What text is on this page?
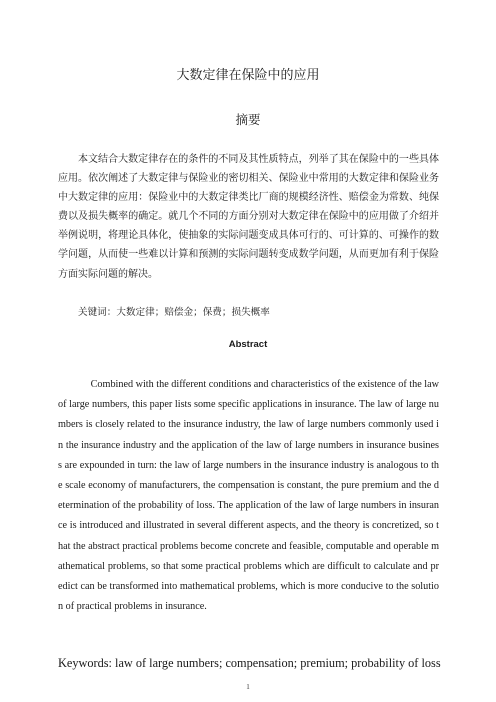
大数定律在保险中的应用
摘要

本文结合大数定律存在的条件的不同及其性质特点，列举了其在保险中的一些具体应用。依次阐述了大数定律与保险业的密切相关、保险业中常用的大数定律和保险业务中大数定律的应用：保险业中的大数定律类比厂商的规模经济性、赔偿金为常数、纯保费以及损失概率的确定。就几个不同的方面分别对大数定律在保险中的应用做了介绍并举例说明，将理论具体化，使抽象的实际问题变成具体可行的、可计算的、可操作的数学问题，从而使一些难以计算和预测的实际问题转变成数学问题，从而更加有利于保险方面实际问题的解决。

关键词：大数定律；赔偿金；保费；损失概率

Abstract

Combined with the different conditions and characteristics of the existence of the law of large numbers, this paper lists some specific applications in insurance. The law of large numbers is closely related to the insurance industry, the law of large numbers commonly used in the insurance industry and the application of the law of large numbers in insurance business are expounded in turn: the law of large numbers in the insurance industry is analogous to the scale economy of manufacturers, the compensation is constant, the pure premium and the determination of the probability of loss. The application of the law of large numbers in insurance is introduced and illustrated in several different aspects, and the theory is concretized, so that the abstract practical problems become concrete and feasible, computable and operable mathematical problems, so that some practical problems which are difficult to calculate and predict can be transformed into mathematical problems, which is more conducive to the solution of practical problems in insurance.

Keywords: law of large numbers; compensation; premium; probability of loss

1
